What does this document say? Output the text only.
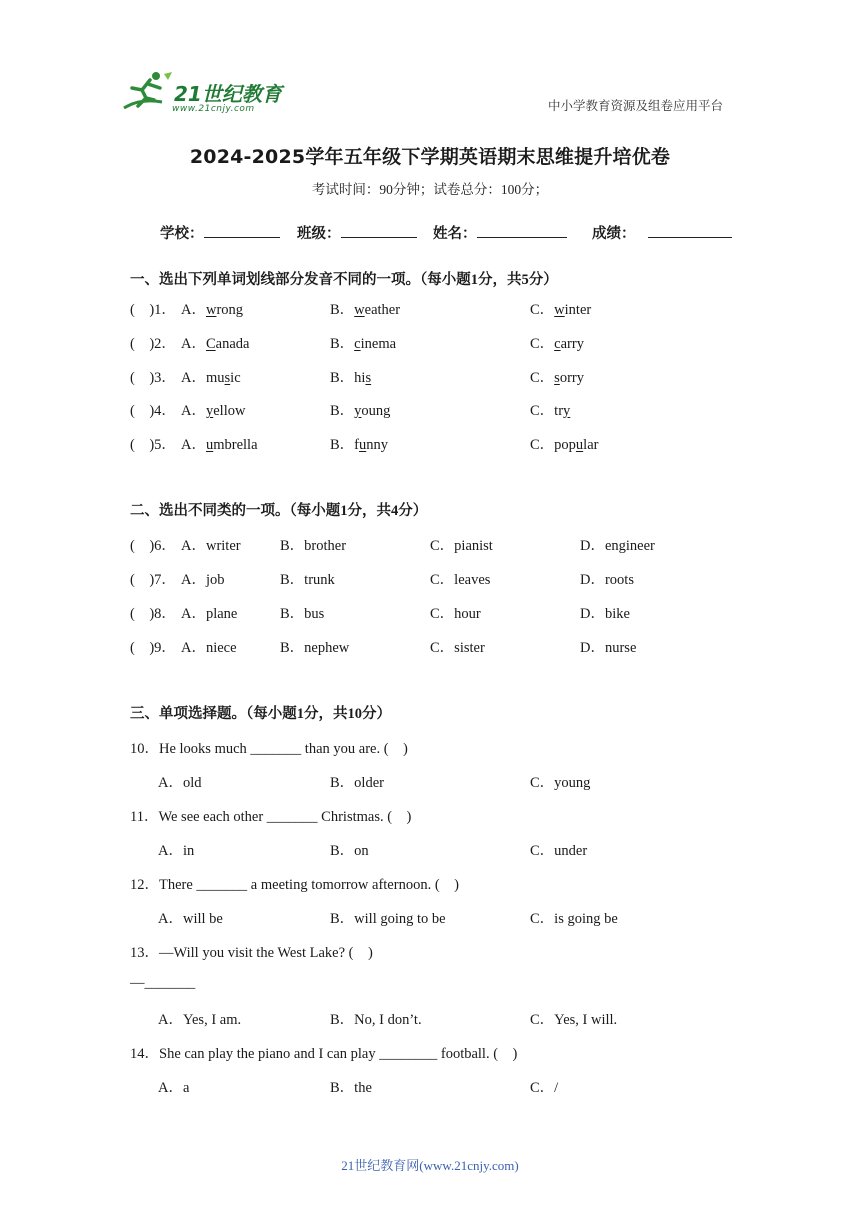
21世纪教育
www.21cnjy.com	中小学教育资源及组卷应用平台
2024-2025学年五年级下学期英语期末思维提升培优卷
考试时间：90分钟；试卷总分：100分；
学校：	班级：	姓名：	成绩：
一、选出下列单词划线部分发音不同的一项。（每小题1分，共5分）
(　)1． A．wrong	B．weather	C．winter
(　)2． A．Canada	B．cinema	C．carry
(　)3． A．music	B．his	C．sorry
(　)4． A．yellow	B．young	C．try
(　)5． A．umbrella	B．funny	C．popular
二、选出不同类的一项。（每小题1分，共4分）
(　)6． A．writer	B．brother	C．pianist	D．engineer
(　)7． A．job	B．trunk	C．leaves	D．roots
(　)8． A．plane	B．bus	C．hour	D．bike
(　)9． A．niece	B．nephew	C．sister	D．nurse
三、单项选择题。（每小题1分，共10分）
10．He looks much _______ than you are. (　)
A．old	B．older	C．young
11．We see each other _______ Christmas. (　)
A．in	B．on	C．under
12．There _______ a meeting tomorrow afternoon. (　)
A．will be	B．will going to be	C．is going be
13．—Will you visit the West Lake? (　)
—_______
A．Yes, I am.	B．No, I don’t.	C．Yes, I will.
14．She can play the piano and I can play ________ football. (　)
A．a	B．the	C．/
21世纪教育网(www.21cnjy.com)
